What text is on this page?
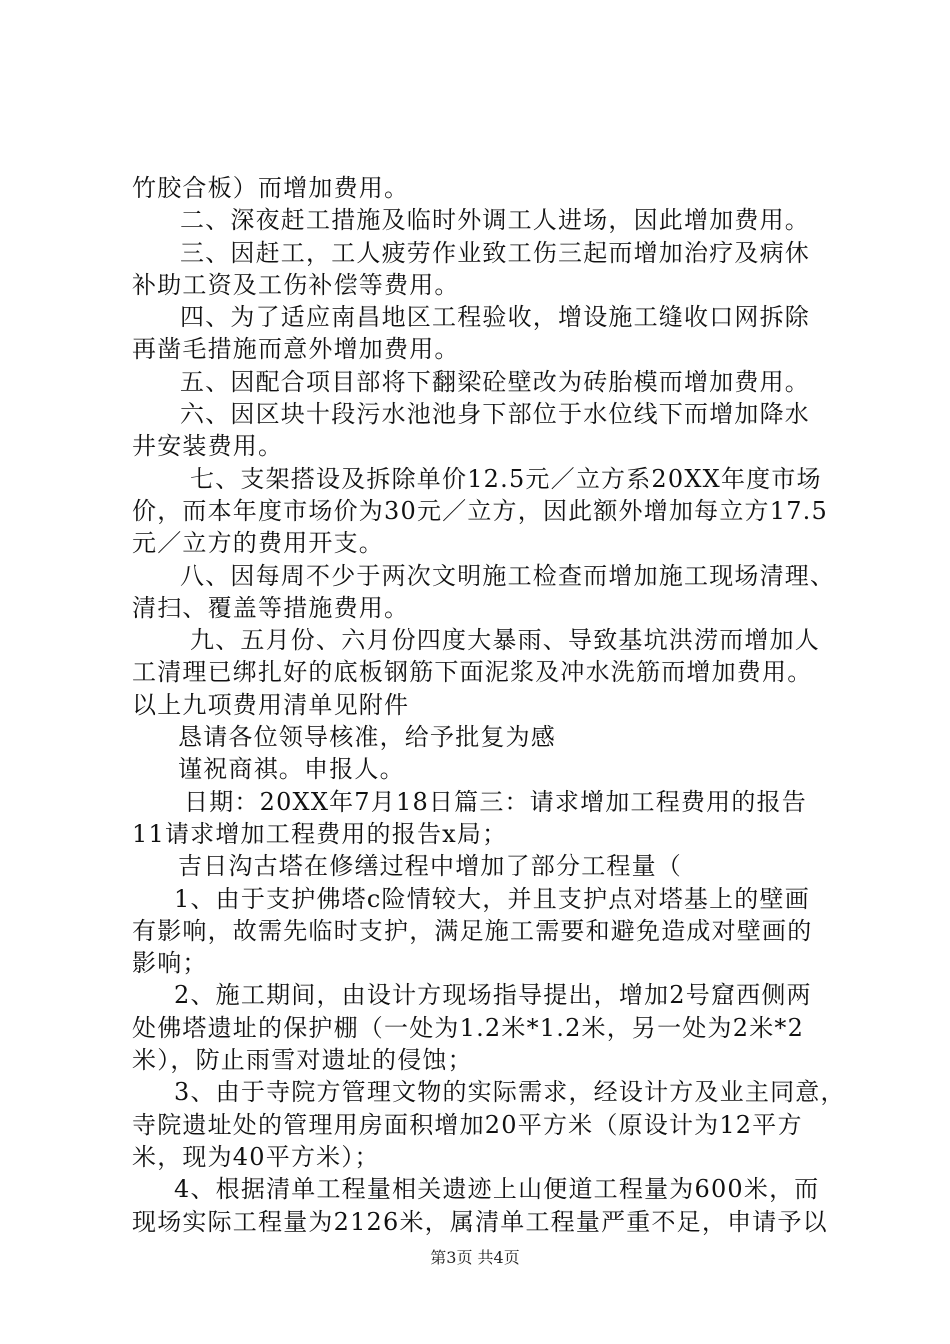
竹胶合板）而增加费用。
二、深夜赶工措施及临时外调工人进场，因此增加费用。
三、因赶工，工人疲劳作业致工伤三起而增加治疗及病休
补助工资及工伤补偿等费用。
四、为了适应南昌地区工程验收，增设施工缝收口网拆除
再凿毛措施而意外增加费用。
五、因配合项目部将下翻梁砼壁改为砖胎模而增加费用。
六、因区块十段污水池池身下部位于水位线下而增加降水
井安装费用。
七、支架搭设及拆除单价12.5元／立方系20XX年度市场
价，而本年度市场价为30元／立方，因此额外增加每立方17.5
元／立方的费用开支。
八、因每周不少于两次文明施工检查而增加施工现场清理、
清扫、覆盖等措施费用。
九、五月份、六月份四度大暴雨、导致基坑洪涝而增加人
工清理已绑扎好的底板钢筋下面泥浆及冲水洗筋而增加费用。
以上九项费用清单见附件
恳请各位领导核准，给予批复为感
谨祝商祺。申报人。
日期：20XX年7月18日篇三：请求增加工程费用的报告
11请求增加工程费用的报告x局；
吉日沟古塔在修缮过程中增加了部分工程量（
1、由于支护佛塔c险情较大，并且支护点对塔基上的壁画
有影响，故需先临时支护，满足施工需要和避免造成对壁画的
影响；
2、施工期间，由设计方现场指导提出，增加2号窟西侧两
处佛塔遗址的保护棚（一处为1.2米*1.2米，另一处为2米*2
米），防止雨雪对遗址的侵蚀；
3、由于寺院方管理文物的实际需求，经设计方及业主同意，
寺院遗址处的管理用房面积增加20平方米（原设计为12平方
米，现为40平方米）；
4、根据清单工程量相关遗迹上山便道工程量为600米，而
现场实际工程量为2126米，属清单工程量严重不足，申请予以
第3页 共4页
